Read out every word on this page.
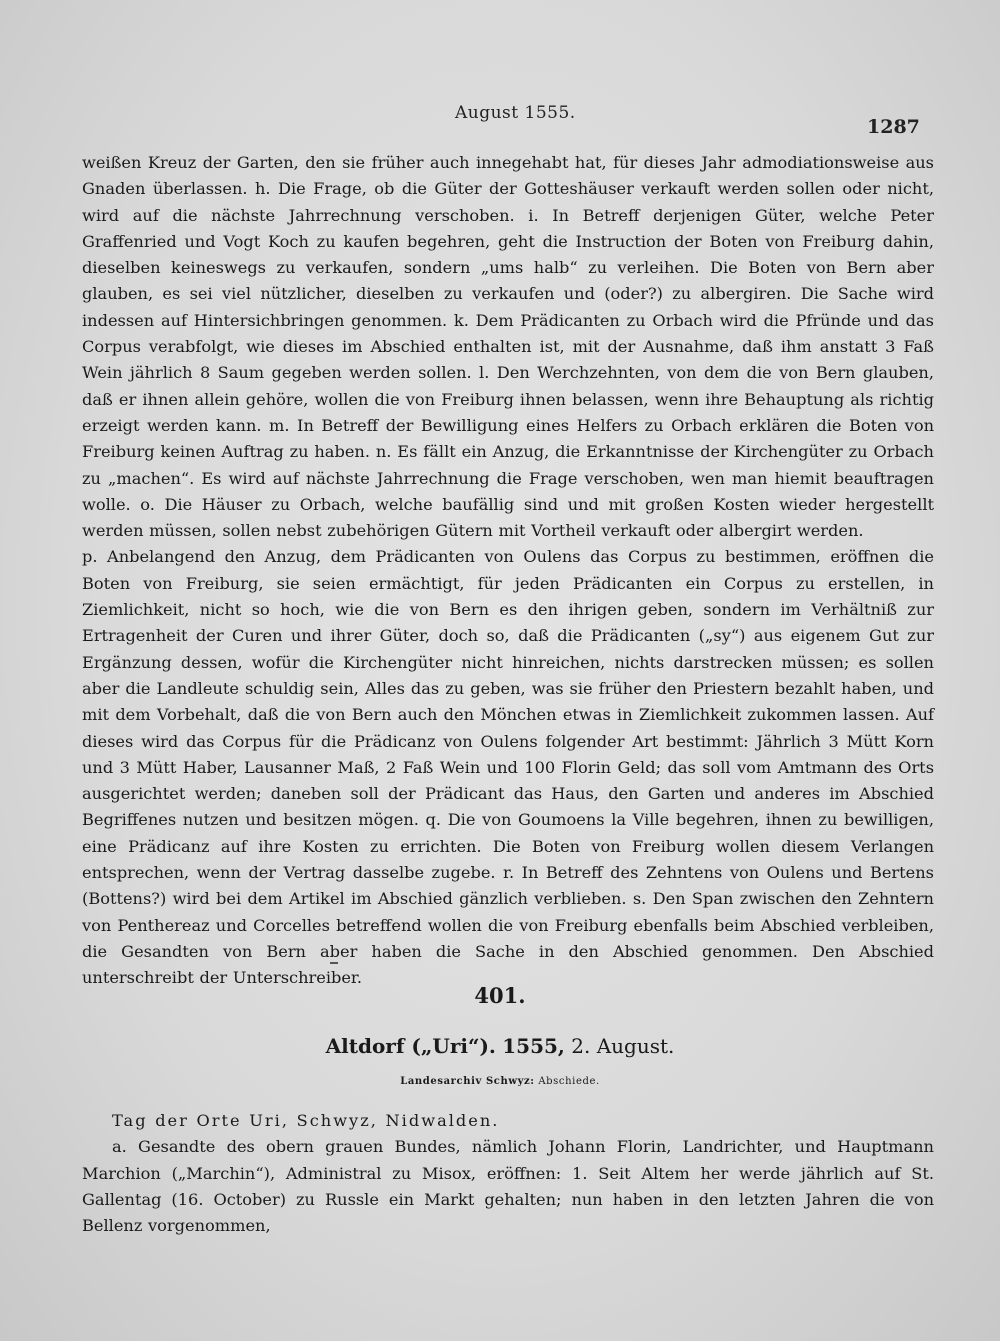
August 1555.
1287

weißen Kreuz der Garten, den sie früher auch innegehabt hat, für dieses Jahr admodiationsweise aus Gnaden überlassen. h. Die Frage, ob die Güter der Gotteshäuser verkauft werden sollen oder nicht, wird auf die nächste Jahrrechnung verschoben. i. In Betreff derjenigen Güter, welche Peter Graffenried und Vogt Koch zu kaufen begehren, geht die Instruction der Boten von Freiburg dahin, dieselben keineswegs zu verkaufen, sondern „ums halb“ zu verleihen. Die Boten von Bern aber glauben, es sei viel nützlicher, dieselben zu verkaufen und (oder?) zu albergiren. Die Sache wird indessen auf Hintersichbringen genommen. k. Dem Prädicanten zu Orbach wird die Pfründe und das Corpus verabfolgt, wie dieses im Abschied enthalten ist, mit der Ausnahme, daß ihm anstatt 3 Faß Wein jährlich 8 Saum gegeben werden sollen. l. Den Werchzehnten, von dem die von Bern glauben, daß er ihnen allein gehöre, wollen die von Freiburg ihnen belassen, wenn ihre Behauptung als richtig erzeigt werden kann. m. In Betreff der Bewilligung eines Helfers zu Orbach erklären die Boten von Freiburg keinen Auftrag zu haben. n. Es fällt ein Anzug, die Erkanntnisse der Kirchengüter zu Orbach zu „machen“. Es wird auf nächste Jahrrechnung die Frage verschoben, wen man hiemit beauftragen wolle. o. Die Häuser zu Orbach, welche baufällig sind und mit großen Kosten wieder hergestellt werden müssen, sollen nebst zubehörigen Gütern mit Vortheil verkauft oder albergirt werden.

p. Anbelangend den Anzug, dem Prädicanten von Oulens das Corpus zu bestimmen, eröffnen die Boten von Freiburg, sie seien ermächtigt, für jeden Prädicanten ein Corpus zu erstellen, in Ziemlichkeit, nicht so hoch, wie die von Bern es den ihrigen geben, sondern im Verhältniß zur Ertragenheit der Curen und ihrer Güter, doch so, daß die Prädicanten („sy“) aus eigenem Gut zur Ergänzung dessen, wofür die Kirchengüter nicht hinreichen, nichts darstrecken müssen; es sollen aber die Landleute schuldig sein, Alles das zu geben, was sie früher den Priestern bezahlt haben, und mit dem Vorbehalt, daß die von Bern auch den Mönchen etwas in Ziemlichkeit zukommen lassen. Auf dieses wird das Corpus für die Prädicanz von Oulens folgender Art bestimmt: Jährlich 3 Mütt Korn und 3 Mütt Haber, Lausanner Maß, 2 Faß Wein und 100 Florin Geld; das soll vom Amtmann des Orts ausgerichtet werden; daneben soll der Prädicant das Haus, den Garten und anderes im Abschied Begriffenes nutzen und besitzen mögen. q. Die von Goumoens la Ville begehren, ihnen zu bewilligen, eine Prädicanz auf ihre Kosten zu errichten. Die Boten von Freiburg wollen diesem Verlangen entsprechen, wenn der Vertrag dasselbe zugebe. r. In Betreff des Zehntens von Oulens und Bertens (Bottens?) wird bei dem Artikel im Abschied gänzlich verblieben. s. Den Span zwischen den Zehntern von Penthereaz und Corcelles betreffend wollen die von Freiburg ebenfalls beim Abschied verbleiben, die Gesandten von Bern aber haben die Sache in den Abschied genommen. Den Abschied unterschreibt der Unterschreiber.

401.
Altdorf („Uri“). 1555, 2. August.
Landesarchiv Schwyz: Abschiede.

Tag der Orte Uri, Schwyz, Nidwalden.

a. Gesandte des obern grauen Bundes, nämlich Johann Florin, Landrichter, und Hauptmann Marchion („Marchin“), Administral zu Misox, eröffnen: 1. Seit Altem her werde jährlich auf St. Gallentag (16. October) zu Russle ein Markt gehalten; nun haben in den letzten Jahren die von Bellenz vorgenommen,
